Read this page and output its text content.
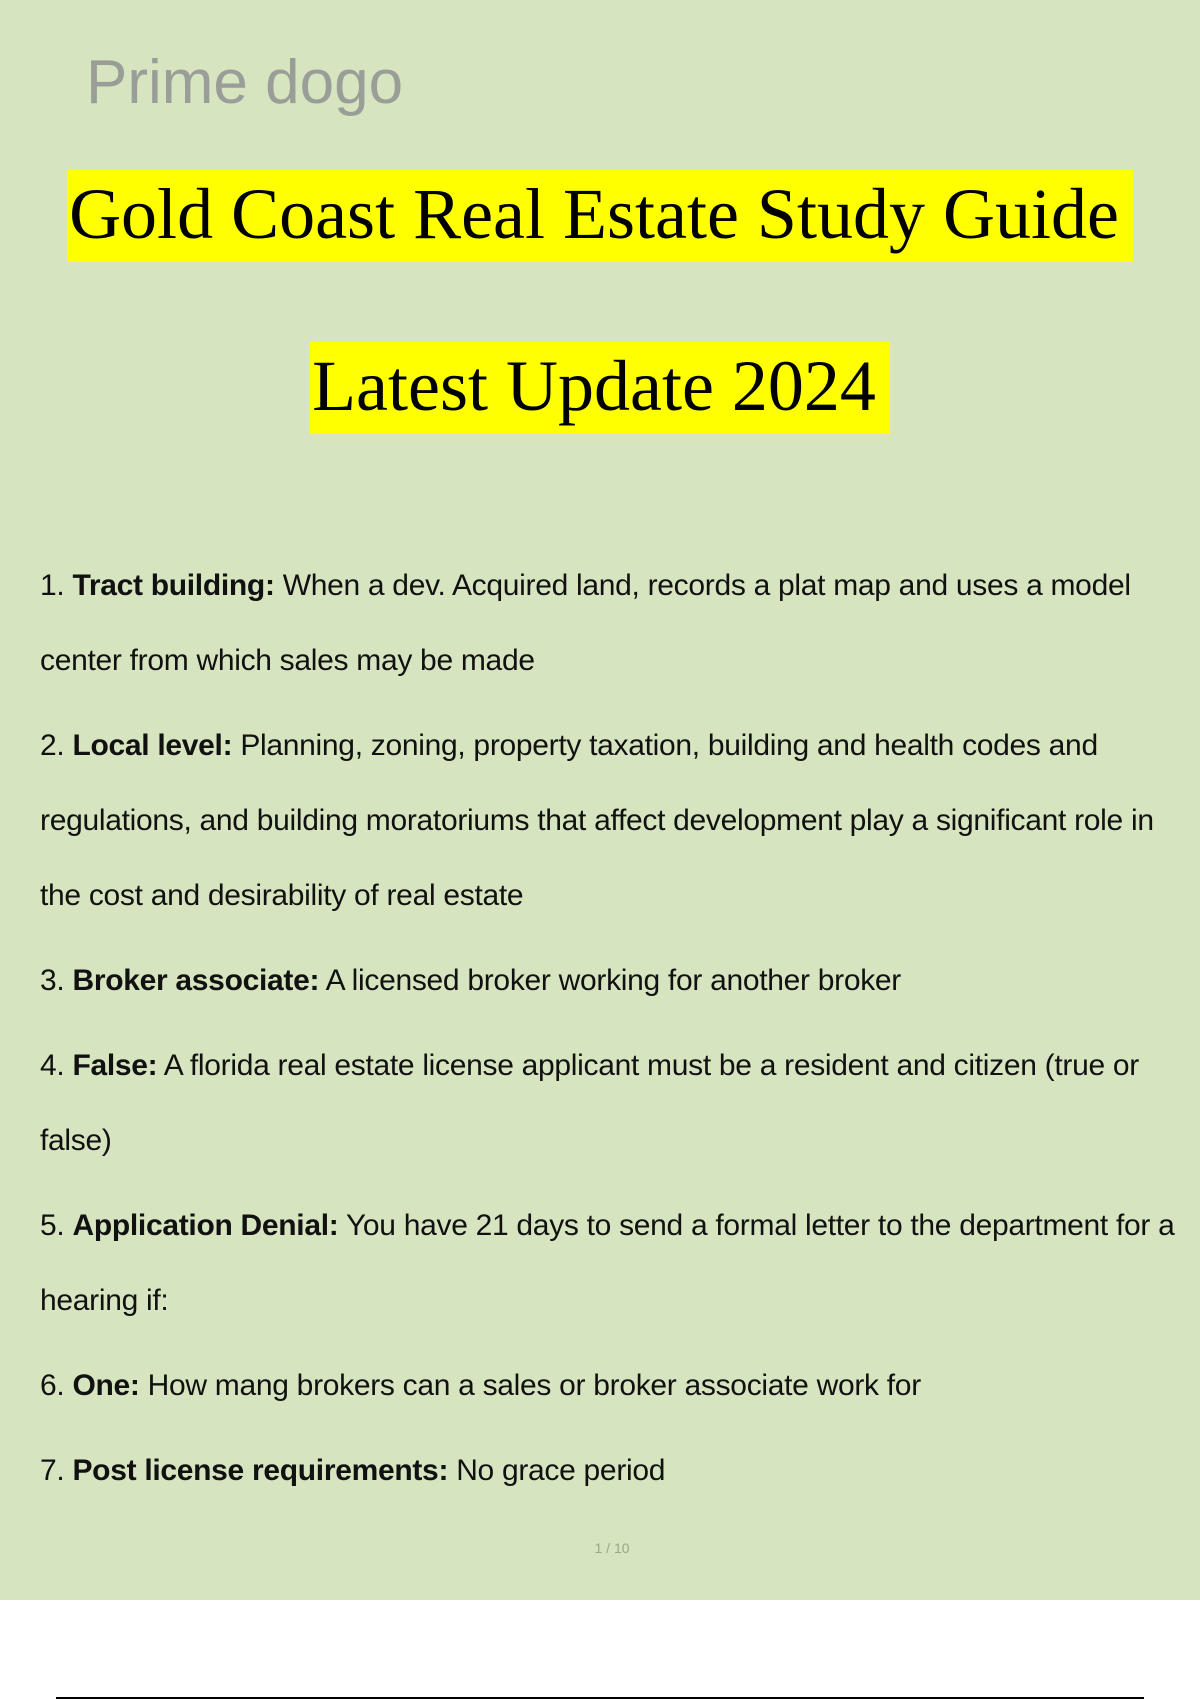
Prime dogo
Gold Coast Real Estate Study Guide
Latest Update 2024

1. Tract building: When a dev. Acquired land, records a plat map and uses a model center from which sales may be made

2. Local level: Planning, zoning, property taxation, building and health codes and regulations, and building moratoriums that affect development play a significant role in the cost and desirability of real estate

3. Broker associate: A licensed broker working for another broker

4. False: A florida real estate license applicant must be a resident and citizen (true or false)

5. Application Denial: You have 21 days to send a formal letter to the department for a hearing if:

6. One: How mang brokers can a sales or broker associate work for

7. Post license requirements: No grace period

1 / 10
